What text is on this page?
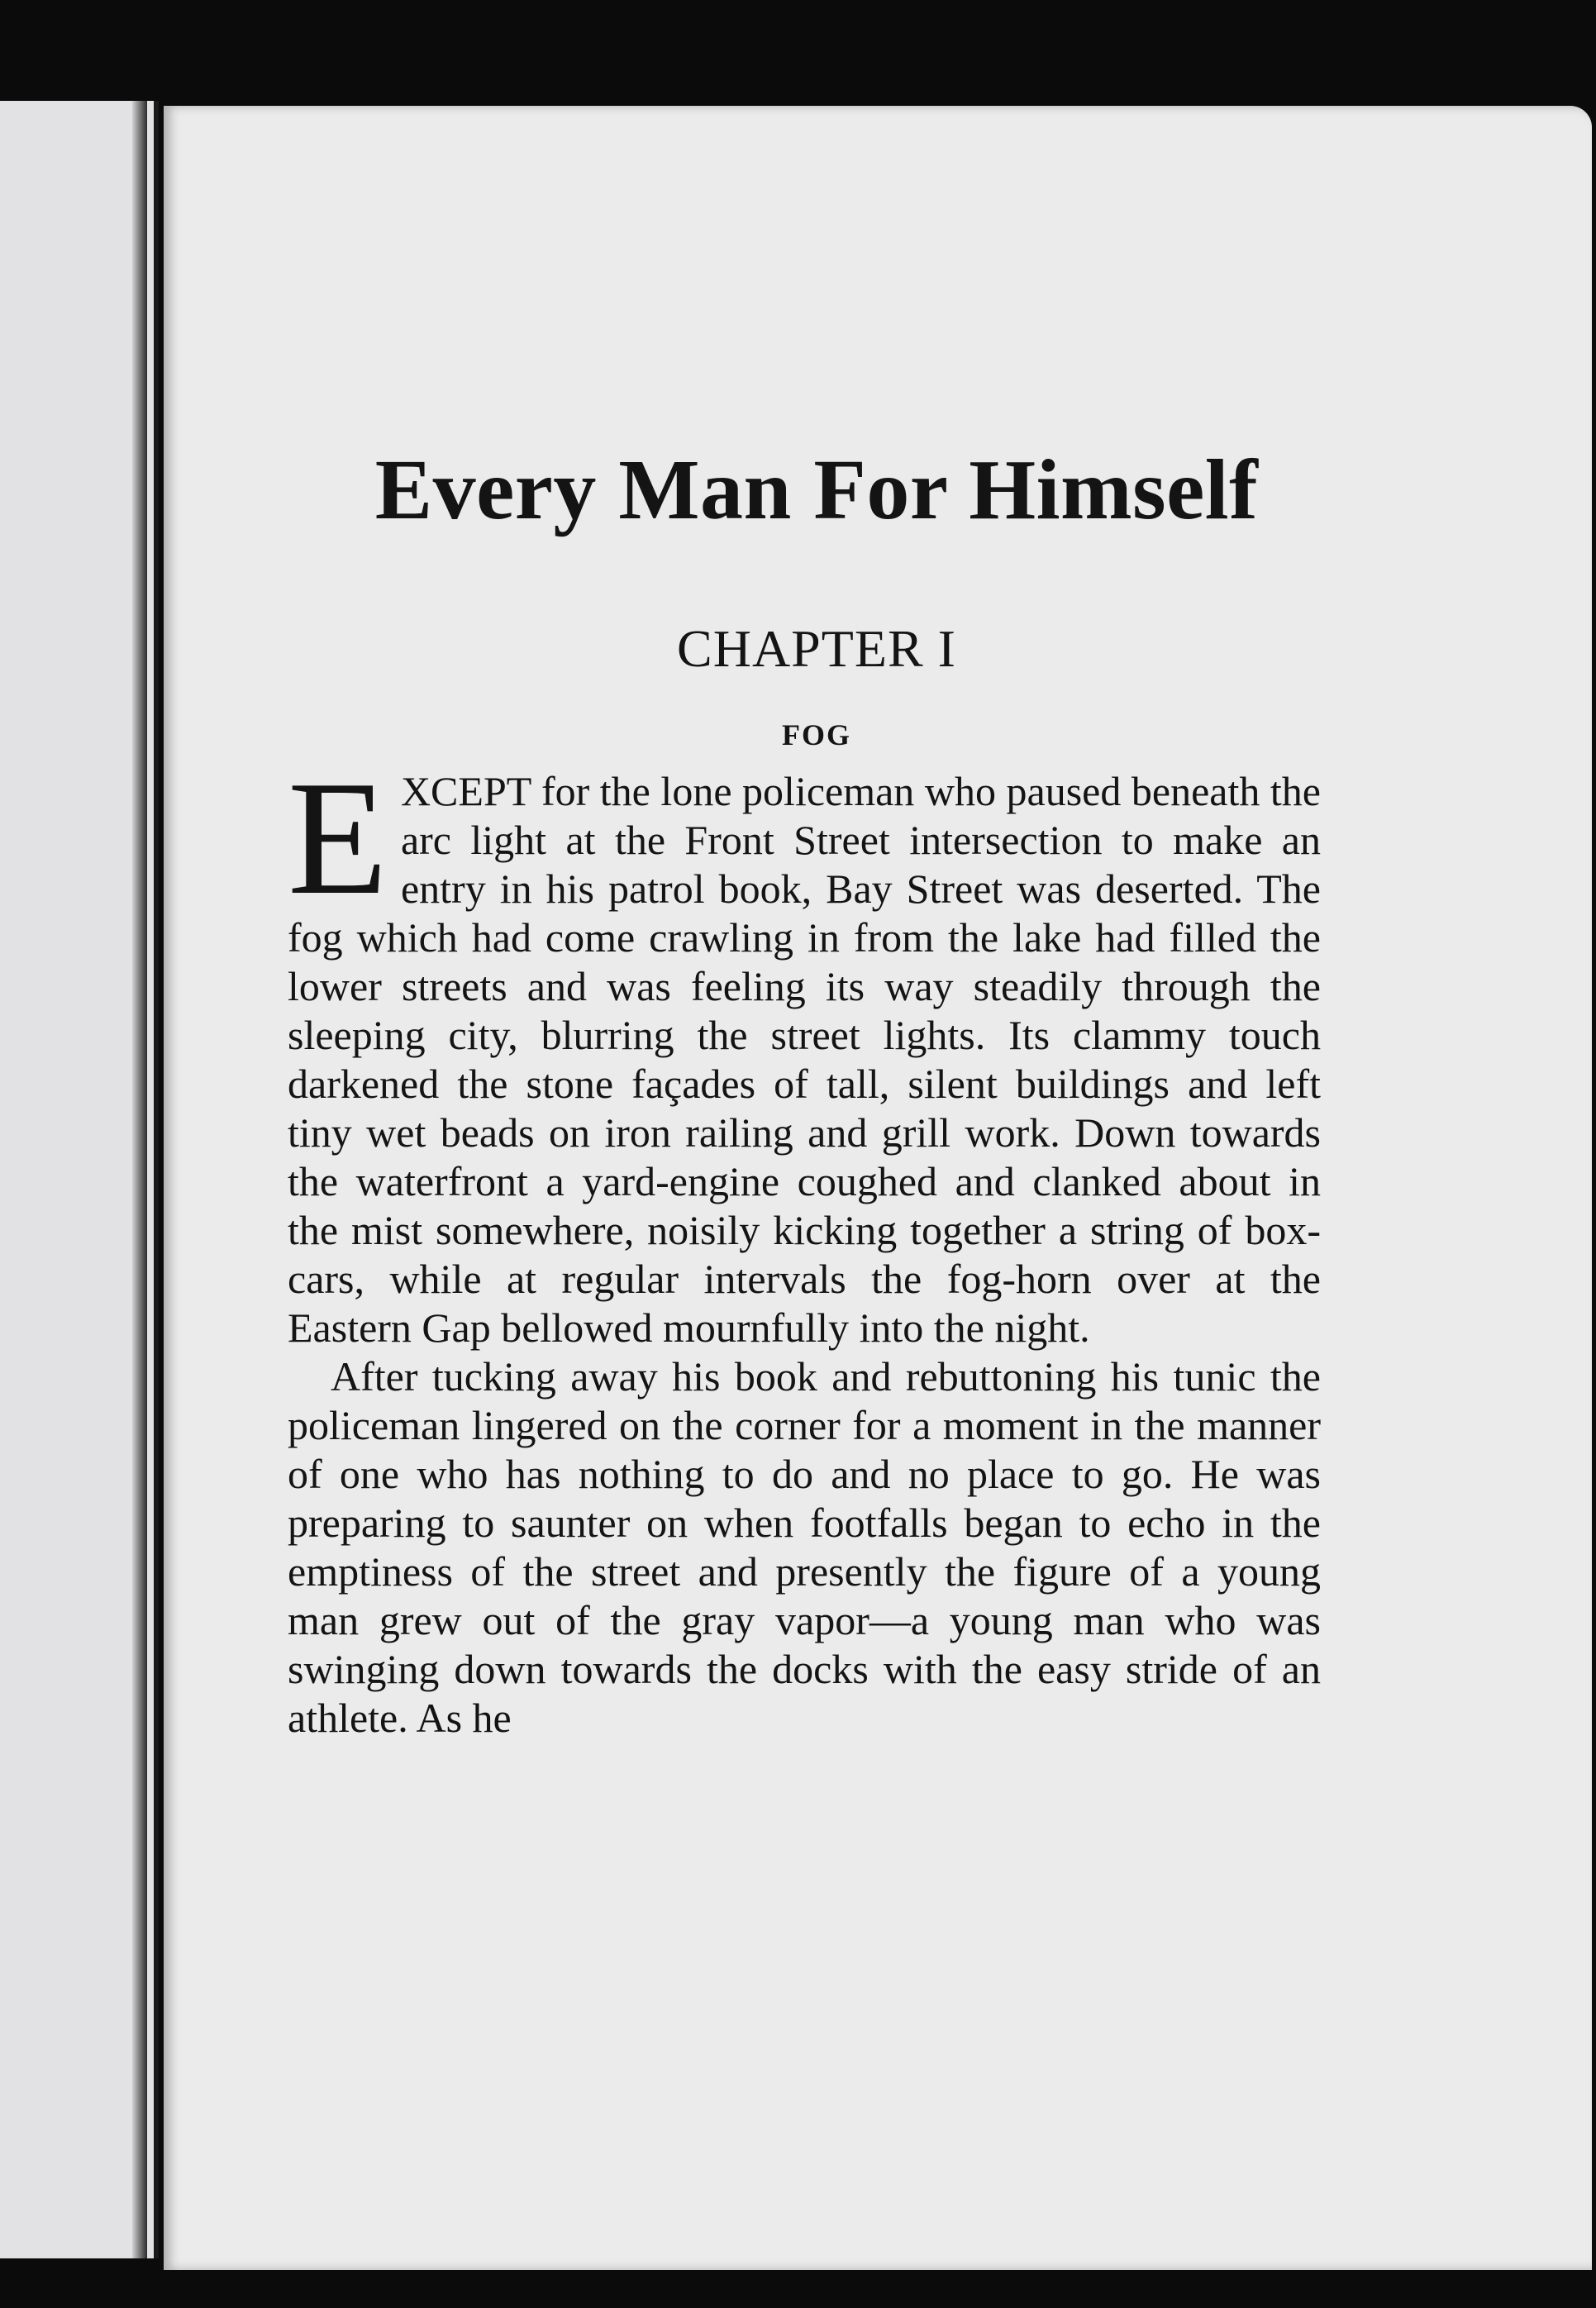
Every Man For Himself
CHAPTER I
FOG

EXCEPT for the lone policeman who paused beneath the arc light at the Front Street intersection to make an entry in his patrol book, Bay Street was deserted. The fog which had come crawling in from the lake had filled the lower streets and was feeling its way steadily through the sleeping city, blurring the street lights. Its clammy touch darkened the stone façades of tall, silent buildings and left tiny wet beads on iron railing and grill work. Down towards the waterfront a yard-engine coughed and clanked about in the mist somewhere, noisily kicking together a string of box-cars, while at regular intervals the fog-horn over at the Eastern Gap bellowed mournfully into the night.

After tucking away his book and rebuttoning his tunic the policeman lingered on the corner for a moment in the manner of one who has nothing to do and no place to go. He was preparing to saunter on when footfalls began to echo in the emptiness of the street and presently the figure of a young man grew out of the gray vapor—a young man who was swinging down towards the docks with the easy stride of an athlete. As he
